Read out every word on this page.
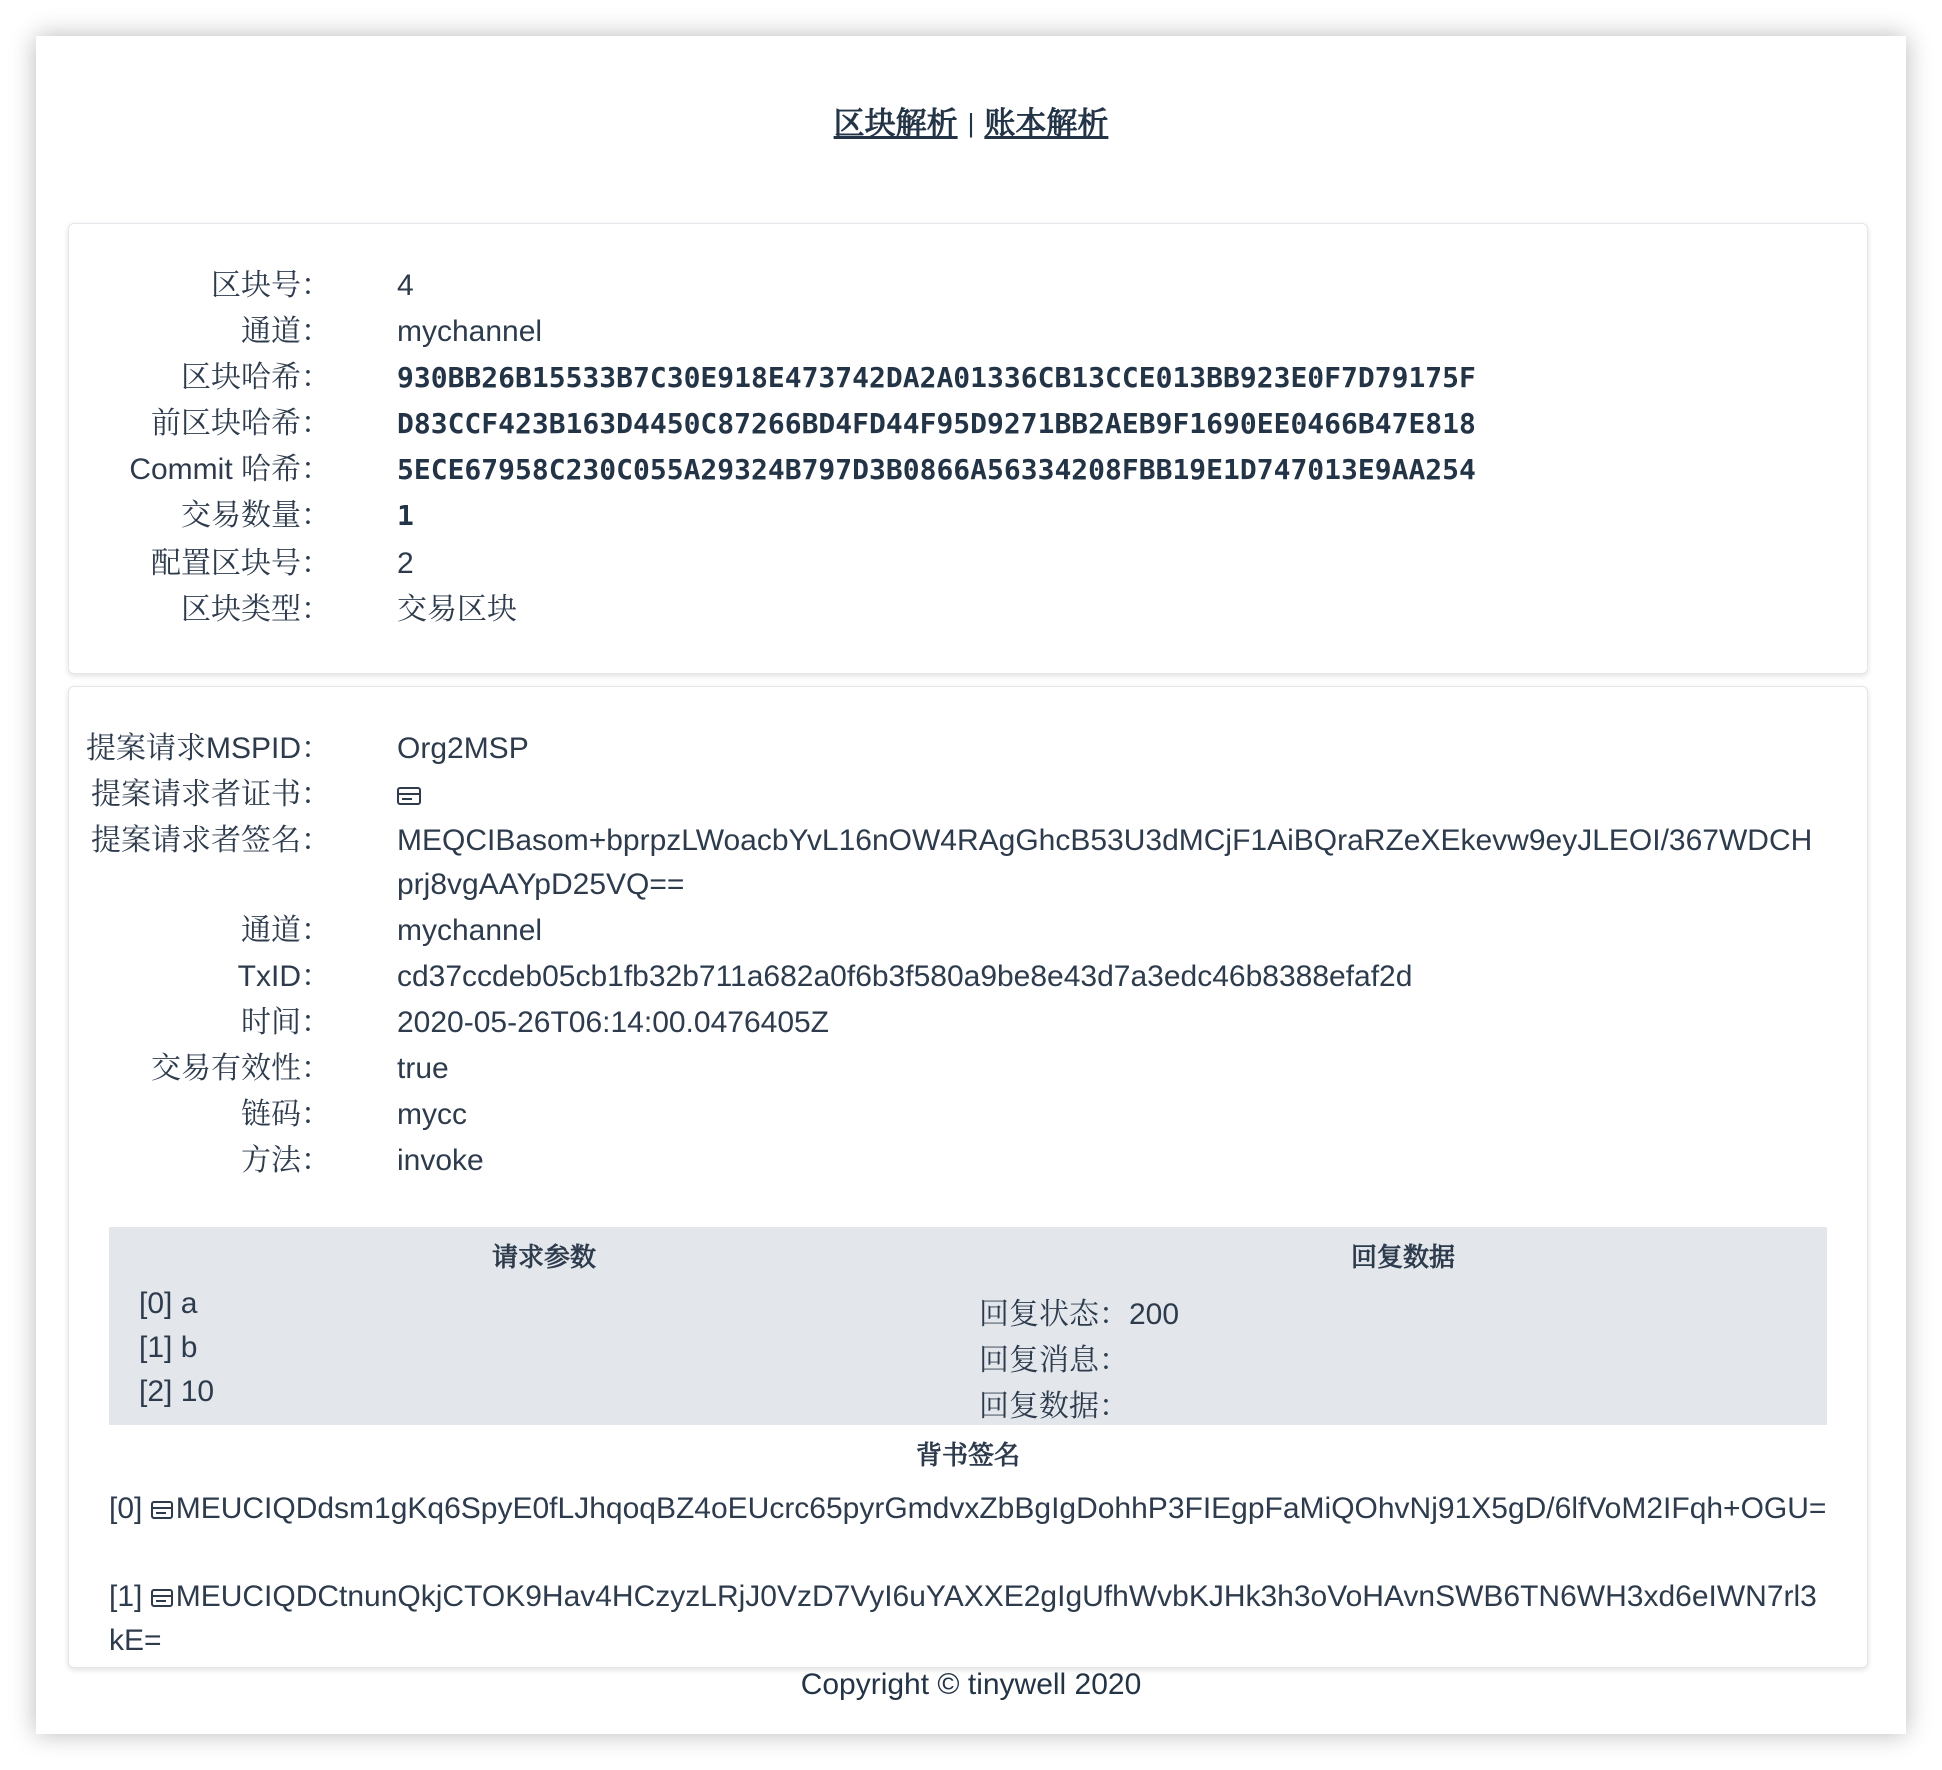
区块解析 | 账本解析
区块号： 4
通道： mychannel
区块哈希： 930BB26B15533B7C30E918E473742DA2A01336CB13CCE013BB923E0F7D79175F
前区块哈希： D83CCF423B163D4450C87266BD4FD44F95D9271BB2AEB9F1690EE0466B47E818
Commit 哈希： 5ECE67958C230C055A29324B797D3B0866A56334208FBB19E1D747013E9AA254
交易数量： 1
配置区块号： 2
区块类型： 交易区块
提案请求MSPID： Org2MSP
提案请求者证书：
提案请求者签名： MEQCIBasom+bprpzLWoacbYvL16nOW4RAgGhcB53U3dMCjF1AiBQraRZeXEkevw9eyJLEOI/367WDCHprj8vgAAYpD25VQ==
通道： mychannel
TxID： cd37ccdeb05cb1fb32b711a682a0f6b3f580a9be8e43d7a3edc46b8388efaf2d
时间： 2020-05-26T06:14:00.0476405Z
交易有效性： true
链码： mycc
方法： invoke
请求参数	回复数据
[0] a
[1] b
[2] 10
回复状态：200
回复消息：
回复数据：
背书签名
[0] MEUCIQDdsm1gKq6SpyE0fLJhqoqBZ4oEUcrc65pyrGmdvxZbBgIgDohhP3FIEgpFaMiQOhvNj91X5gD/6lfVoM2IFqh+OGU=
[1] MEUCIQDCtnunQkjCTOK9Hav4HCzyzLRjJ0VzD7VyI6uYAXXE2gIgUfhWvbKJHk3h3oVoHAvnSWB6TN6WH3xd6eIWN7rl3kE=
Copyright © tinywell 2020
